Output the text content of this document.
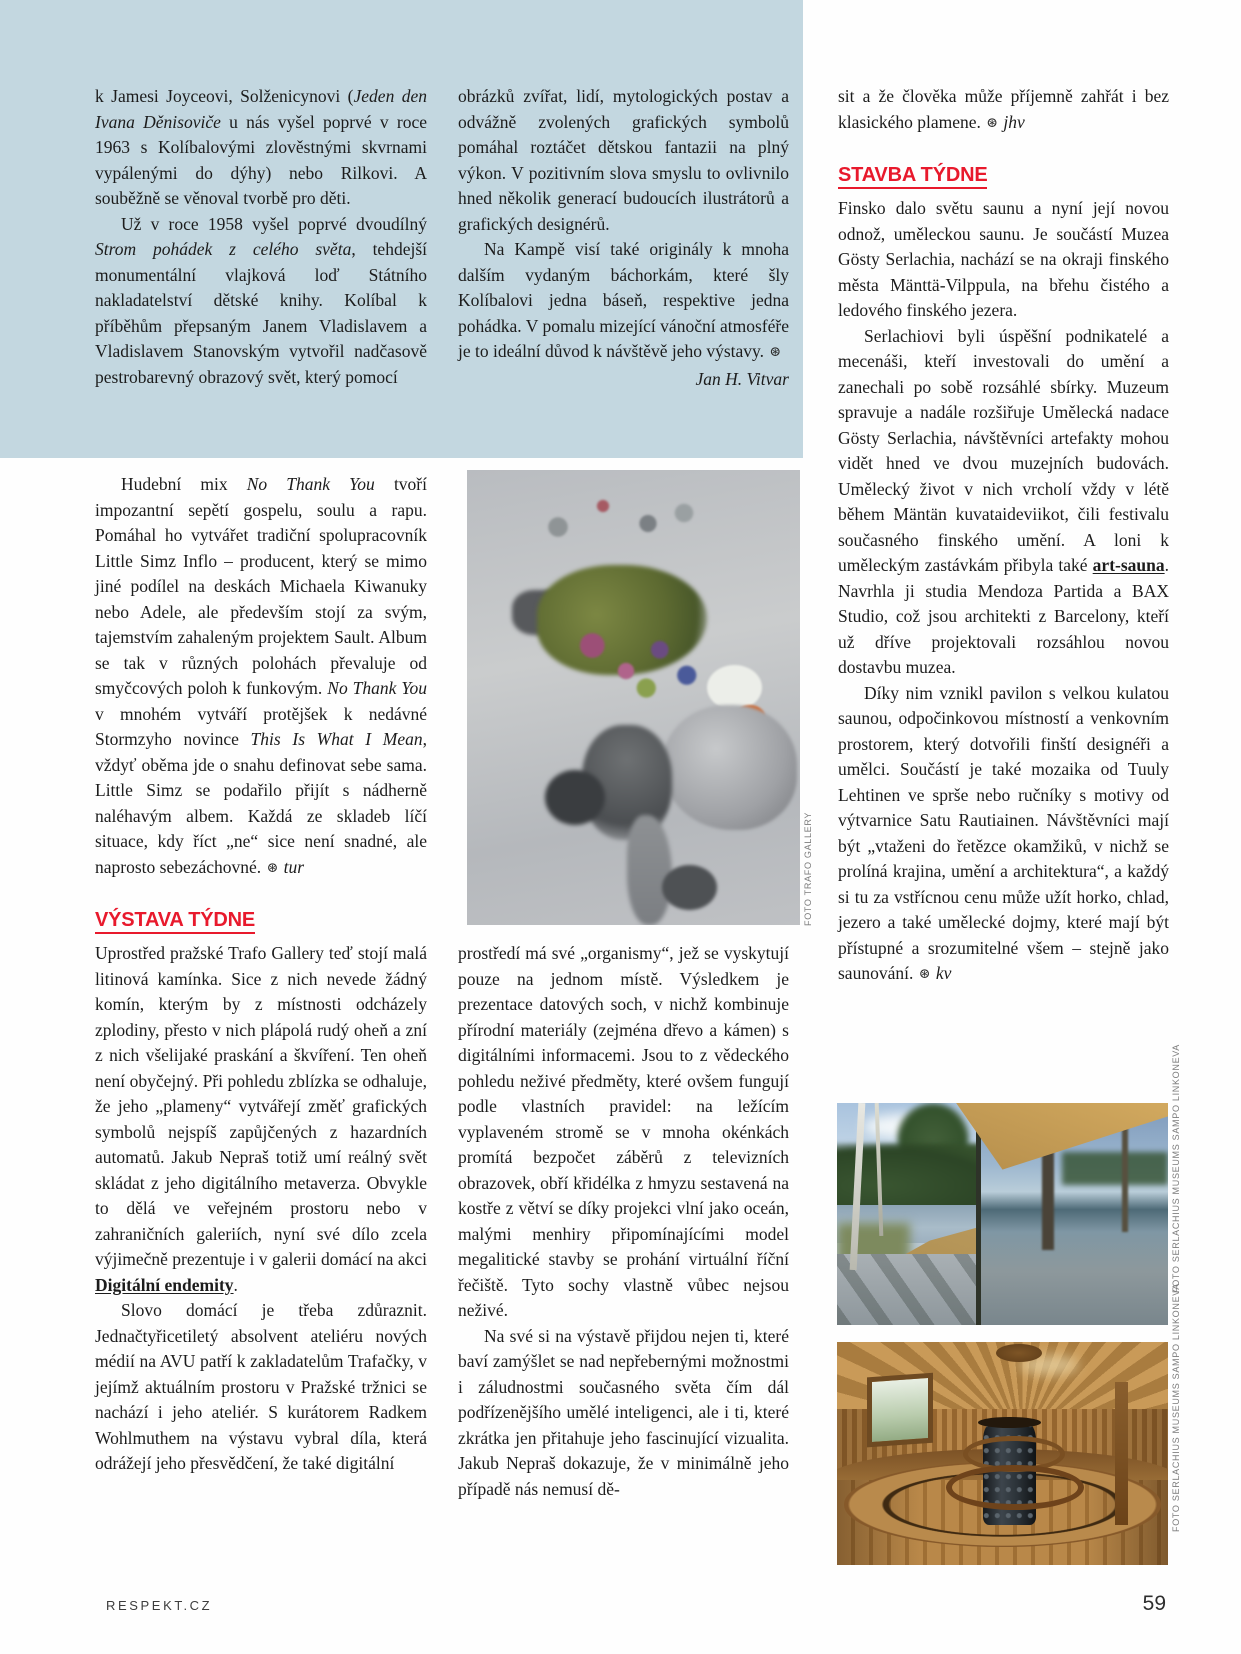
k Jamesi Joyceovi, Solženicynovi (Jeden den Ivana Děnisoviče u nás vyšel poprvé v roce 1963 s Kolíbalovými zlověstnými skvrnami vypálenými do dýhy) nebo Rilkovi. A souběžně se věnoval tvorbě pro děti.

Už v roce 1958 vyšel poprvé dvoudílný Strom pohádek z celého světa, tehdejší monumentální vlajková loď Státního nakladatelství dětské knihy. Kolíbal k příběhům přepsaným Janem Vladislavem a Vladislavem Stanovským vytvořil nadčasově pestrobarevný obrazový svět, který pomocí

obrázků zvířat, lidí, mytologických postav a odvážně zvolených grafických symbolů pomáhal roztáčet dětskou fantazii na plný výkon. V pozitivním slova smyslu to ovlivnilo hned několik generací budoucích ilustrátorů a grafických designérů.

Na Kampě visí také originály k mnoha dalším vydaným báchorkám, které šly Kolíbalovi jedna báseň, respektive jedna pohádka. V pomalu mizející vánoční atmosféře je to ideální důvod k návštěvě jeho výstavy. ⊛

Jan H. Vitvar

Hudební mix No Thank You tvoří impozantní sepětí gospelu, soulu a rapu. Pomáhal ho vytvářet tradiční spolupracovník Little Simz Inflo – producent, který se mimo jiné podílel na deskách Michaela Kiwanuky nebo Adele, ale především stojí za svým, tajemstvím zahaleným projektem Sault. Album se tak v různých polohách převaluje od smyčcových poloh k funkovým. No Thank You v mnohém vytváří protějšek k nedávné Stormzyho novince This Is What I Mean, vždyť oběma jde o snahu definovat sebe sama. Little Simz se podařilo přijít s nádherně naléhavým albem. Každá ze skladeb líčí situace, kdy říct „ne“ sice není snadné, ale naprosto sebezáchovné. ⊛ tur

VÝSTAVA TÝDNE

Uprostřed pražské Trafo Gallery teď stojí malá litinová kamínka. Sice z nich nevede žádný komín, kterým by z místnosti odcházely zplodiny, přesto v nich plápolá rudý oheň a zní z nich všelijaké praskání a škvíření. Ten oheň není obyčejný. Při pohledu zblízka se odhaluje, že jeho „plameny“ vytvářejí změť grafických symbolů nejspíš zapůjčených z hazardních automatů. Jakub Nepraš totiž umí reálný svět skládat z jeho digitálního metaverza. Obvykle to dělá ve veřejném prostoru nebo v zahraničních galeriích, nyní své dílo zcela výjimečně prezentuje i v galerii domácí na akci Digitální endemity.

Slovo domácí je třeba zdůraznit. Jednačtyřicetiletý absolvent ateliéru nových médií na AVU patří k zakladatelům Trafačky, v jejímž aktuálním prostoru v Pražské tržnici se nachází i jeho ateliér. S kurátorem Radkem Wohlmuthem na výstavu vybral díla, která odrážejí jeho přesvědčení, že také digitální

FOTO TRAFO GALLERY

prostředí má své „organismy“, jež se vyskytují pouze na jednom místě. Výsledkem je prezentace datových soch, v nichž kombinuje přírodní materiály (zejména dřevo a kámen) s digitálními informacemi. Jsou to z vědeckého pohledu neživé předměty, které ovšem fungují podle vlastních pravidel: na ležícím vyplaveném stromě se v mnoha okénkách promítá bezpočet záběrů z televizních obrazovek, obří křidélka z hmyzu sestavená na kostře z větví se díky projekci vlní jako oceán, malými menhiry připomínajícími model megalitické stavby se prohání virtuální říční řečiště. Tyto sochy vlastně vůbec nejsou neživé.

Na své si na výstavě přijdou nejen ti, které baví zamýšlet se nad nepřebernými možnostmi i záludnostmi současného světa čím dál podřízenějšího umělé inteligenci, ale i ti, které zkrátka jen přitahuje jeho fascinující vizualita. Jakub Nepraš dokazuje, že v minimálně jeho případě nás nemusí dě-

sit a že člověka může příjemně zahřát i bez klasického plamene. ⊛ jhv

STAVBA TÝDNE

Finsko dalo světu saunu a nyní její novou odnož, uměleckou saunu. Je součástí Muzea Gösty Serlachia, nachází se na okraji finského města Mänttä-Vilppula, na břehu čistého a ledového finského jezera.

Serlachiovi byli úspěšní podnikatelé a mecenáši, kteří investovali do umění a zanechali po sobě rozsáhlé sbírky. Muzeum spravuje a nadále rozšiřuje Umělecká nadace Gösty Serlachia, návštěvníci artefakty mohou vidět hned ve dvou muzejních budovách. Umělecký život v nich vrcholí vždy v létě během Mäntän kuvataideviikot, čili festivalu současného finského umění. A loni k uměleckým zastávkám přibyla také art-sauna. Navrhla ji studia Mendoza Partida a BAX Studio, což jsou architekti z Barcelony, kteří už dříve projektovali rozsáhlou novou dostavbu muzea.

Díky nim vznikl pavilon s velkou kulatou saunou, odpočinkovou místností a venkovním prostorem, který dotvořili finští designéři a umělci. Součástí je také mozaika od Tuuly Lehtinen ve sprše nebo ručníky s motivy od výtvarnice Satu Rautiainen. Návštěvníci mají být „vtaženi do řetězce okamžiků, v nichž se prolíná krajina, umění a architektura“, a každý si tu za vstřícnou cenu může užít horko, chlad, jezero a také umělecké dojmy, které mají být přístupné a srozumitelné všem – stejně jako saunování. ⊛ kv

FOTO SERLACHIUS MUSEUMS SAMPO LINKONEVA
FOTO SERLACHIUS MUSEUMS SAMPO LINKONEVA
RESPEKT.CZ	59
